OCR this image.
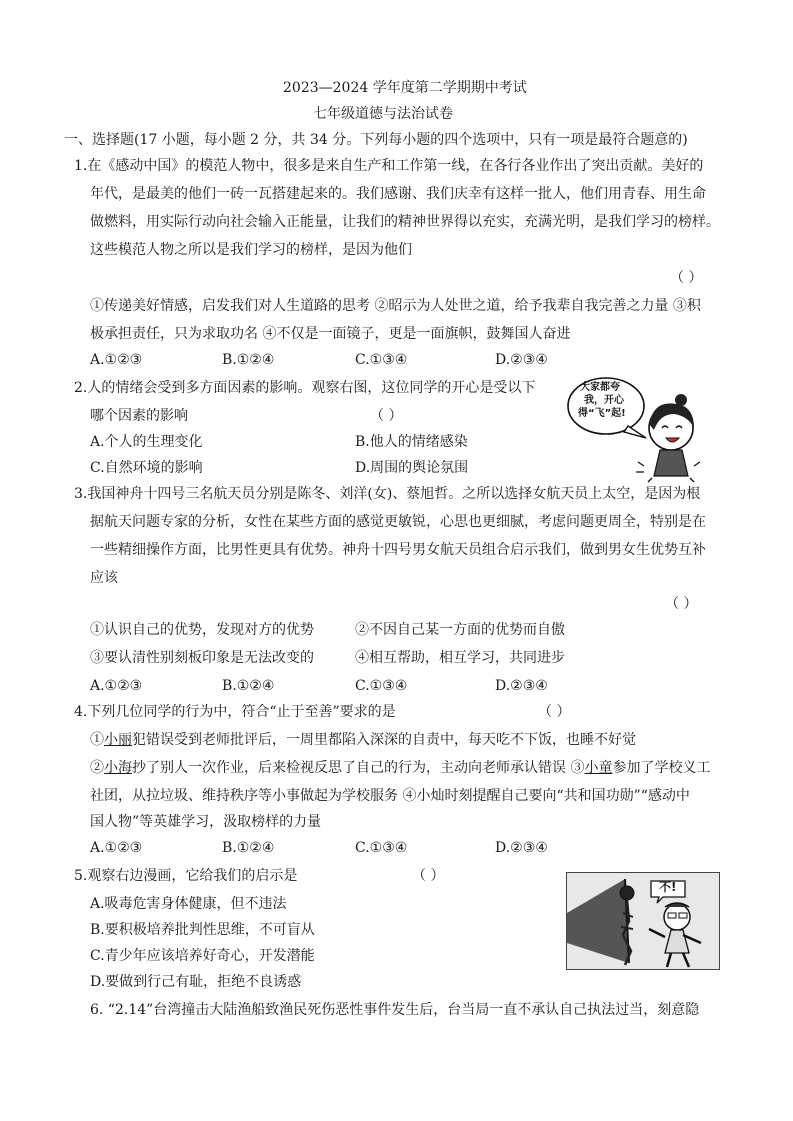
2023—2024 学年度第二学期期中考试
七年级道德与法治试卷
一、选择题(17 小题，每小题 2 分，共 34 分。下列每小题的四个选项中，只有一项是最符合题意的)
1.在《感动中国》的模范人物中，很多是来自生产和工作第一线，在各行各业作出了突出贡献。美好的
年代，是最美的他们一砖一瓦搭建起来的。我们感谢、我们庆幸有这样一批人，他们用青春、用生命
做燃料，用实际行动向社会输入正能量，让我们的精神世界得以充实，充满光明，是我们学习的榜样。
这些模范人物之所以是我们学习的榜样，是因为他们
（ ）
①传递美好情感，启发我们对人生道路的思考 ②昭示为人处世之道，给予我辈自我完善之力量 ③积
极承担责任，只为求取功名 ④不仅是一面镜子，更是一面旗帜，鼓舞国人奋进
A.①②③	B.①②④	C.①③④	D.②③④
2.人的情绪会受到多方面因素的影响。观察右图，这位同学的开心是受以下
哪个因素的影响	（ ）
A.个人的生理变化	B.他人的情绪感染
C.自然环境的影响	D.周围的舆论氛围
大家都夸
我，开心
得“飞”起!
3.我国神舟十四号三名航天员分别是陈冬、刘洋(女)、蔡旭哲。之所以选择女航天员上太空，是因为根
据航天问题专家的分析，女性在某些方面的感觉更敏锐，心思也更细腻，考虑问题更周全，特别是在
一些精细操作方面，比男性更具有优势。神舟十四号男女航天员组合启示我们，做到男女生优势互补
应该
（ ）
①认识自己的优势，发现对方的优势	②不因自己某一方面的优势而自傲
③要认清性别刻板印象是无法改变的	④相互帮助，相互学习，共同进步
A.①②③	B.①②④	C.①③④	D.②③④
4.下列几位同学的行为中，符合“止于至善”要求的是	（ ）
①小丽犯错误受到老师批评后，一周里都陷入深深的自责中，每天吃不下饭，也睡不好觉
②小海抄了别人一次作业，后来检视反思了自己的行为，主动向老师承认错误 ③小童参加了学校义工
社团，从拉垃圾、维持秩序等小事做起为学校服务 ④小灿时刻提醒自己要向“共和国功勋”“感动中
国人物”等英雄学习，汲取榜样的力量
A.①②③	B.①②④	C.①③④	D.②③④
5.观察右边漫画，它给我们的启示是	（ ）
A.吸毒危害身体健康，但不违法
B.要积极培养批判性思维，不可盲从
C.青少年应该培养好奇心，开发潜能
D.要做到行己有耻，拒绝不良诱惑
不!
6. “2.14”台湾撞击大陆渔船致渔民死伤恶性事件发生后，台当局一直不承认自己执法过当，刻意隐
